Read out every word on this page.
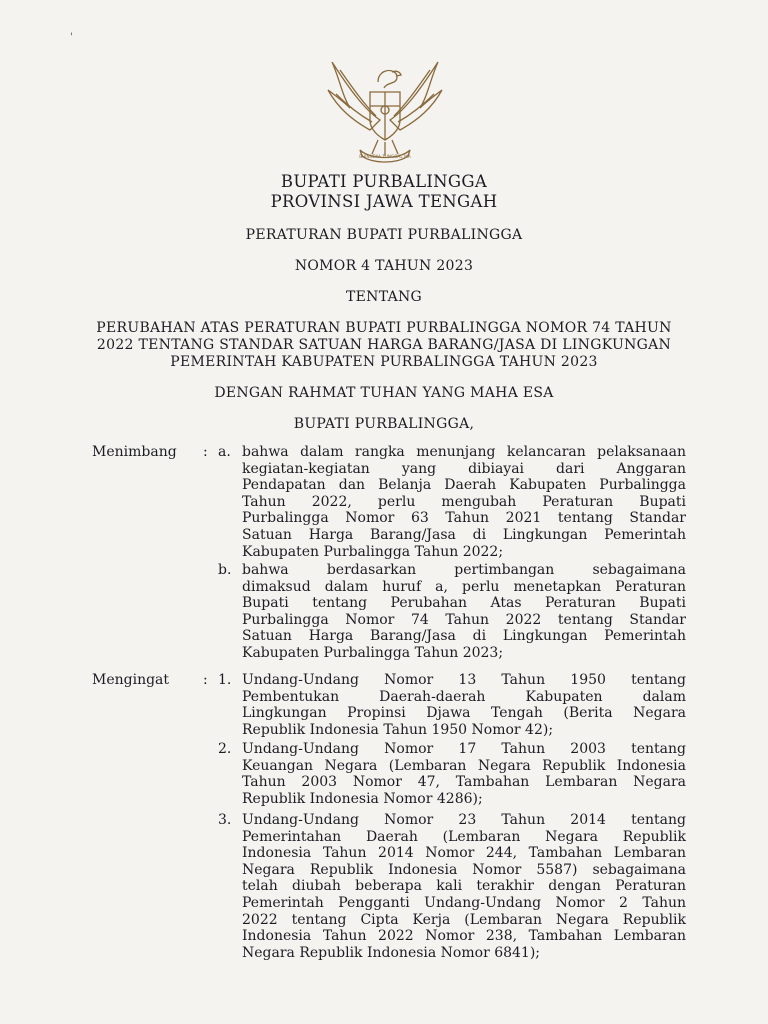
'
BHINNEKA TUNGGAL IKA
BUPATI PURBALINGGA
PROVINSI JAWA TENGAH
PERATURAN BUPATI PURBALINGGA
NOMOR 4 TAHUN 2023
TENTANG
PERUBAHAN ATAS PERATURAN BUPATI PURBALINGGA NOMOR 74 TAHUN
2022 TENTANG STANDAR SATUAN HARGA BARANG/JASA DI LINGKUNGAN
PEMERINTAH KABUPATEN PURBALINGGA TAHUN 2023
DENGAN RAHMAT TUHAN YANG MAHA ESA
BUPATI PURBALINGGA,
Menimbang : a. bahwa dalam rangka menunjang kelancaran pelaksanaan
kegiatan-kegiatan yang dibiayai dari Anggaran
Pendapatan dan Belanja Daerah Kabupaten Purbalingga
Tahun 2022, perlu mengubah Peraturan Bupati
Purbalingga Nomor 63 Tahun 2021 tentang Standar
Satuan Harga Barang/Jasa di Lingkungan Pemerintah
Kabupaten Purbalingga Tahun 2022;
b. bahwa berdasarkan pertimbangan sebagaimana
dimaksud dalam huruf a, perlu menetapkan Peraturan
Bupati tentang Perubahan Atas Peraturan Bupati
Purbalingga Nomor 74 Tahun 2022 tentang Standar
Satuan Harga Barang/Jasa di Lingkungan Pemerintah
Kabupaten Purbalingga Tahun 2023;
Mengingat : 1. Undang-Undang Nomor 13 Tahun 1950 tentang
Pembentukan Daerah-daerah Kabupaten dalam
Lingkungan Propinsi Djawa Tengah (Berita Negara
Republik Indonesia Tahun 1950 Nomor 42);
2. Undang-Undang Nomor 17 Tahun 2003 tentang
Keuangan Negara (Lembaran Negara Republik Indonesia
Tahun 2003 Nomor 47, Tambahan Lembaran Negara
Republik Indonesia Nomor 4286);
3. Undang-Undang Nomor 23 Tahun 2014 tentang
Pemerintahan Daerah (Lembaran Negara Republik
Indonesia Tahun 2014 Nomor 244, Tambahan Lembaran
Negara Republik Indonesia Nomor 5587) sebagaimana
telah diubah beberapa kali terakhir dengan Peraturan
Pemerintah Pengganti Undang-Undang Nomor 2 Tahun
2022 tentang Cipta Kerja (Lembaran Negara Republik
Indonesia Tahun 2022 Nomor 238, Tambahan Lembaran
Negara Republik Indonesia Nomor 6841);
